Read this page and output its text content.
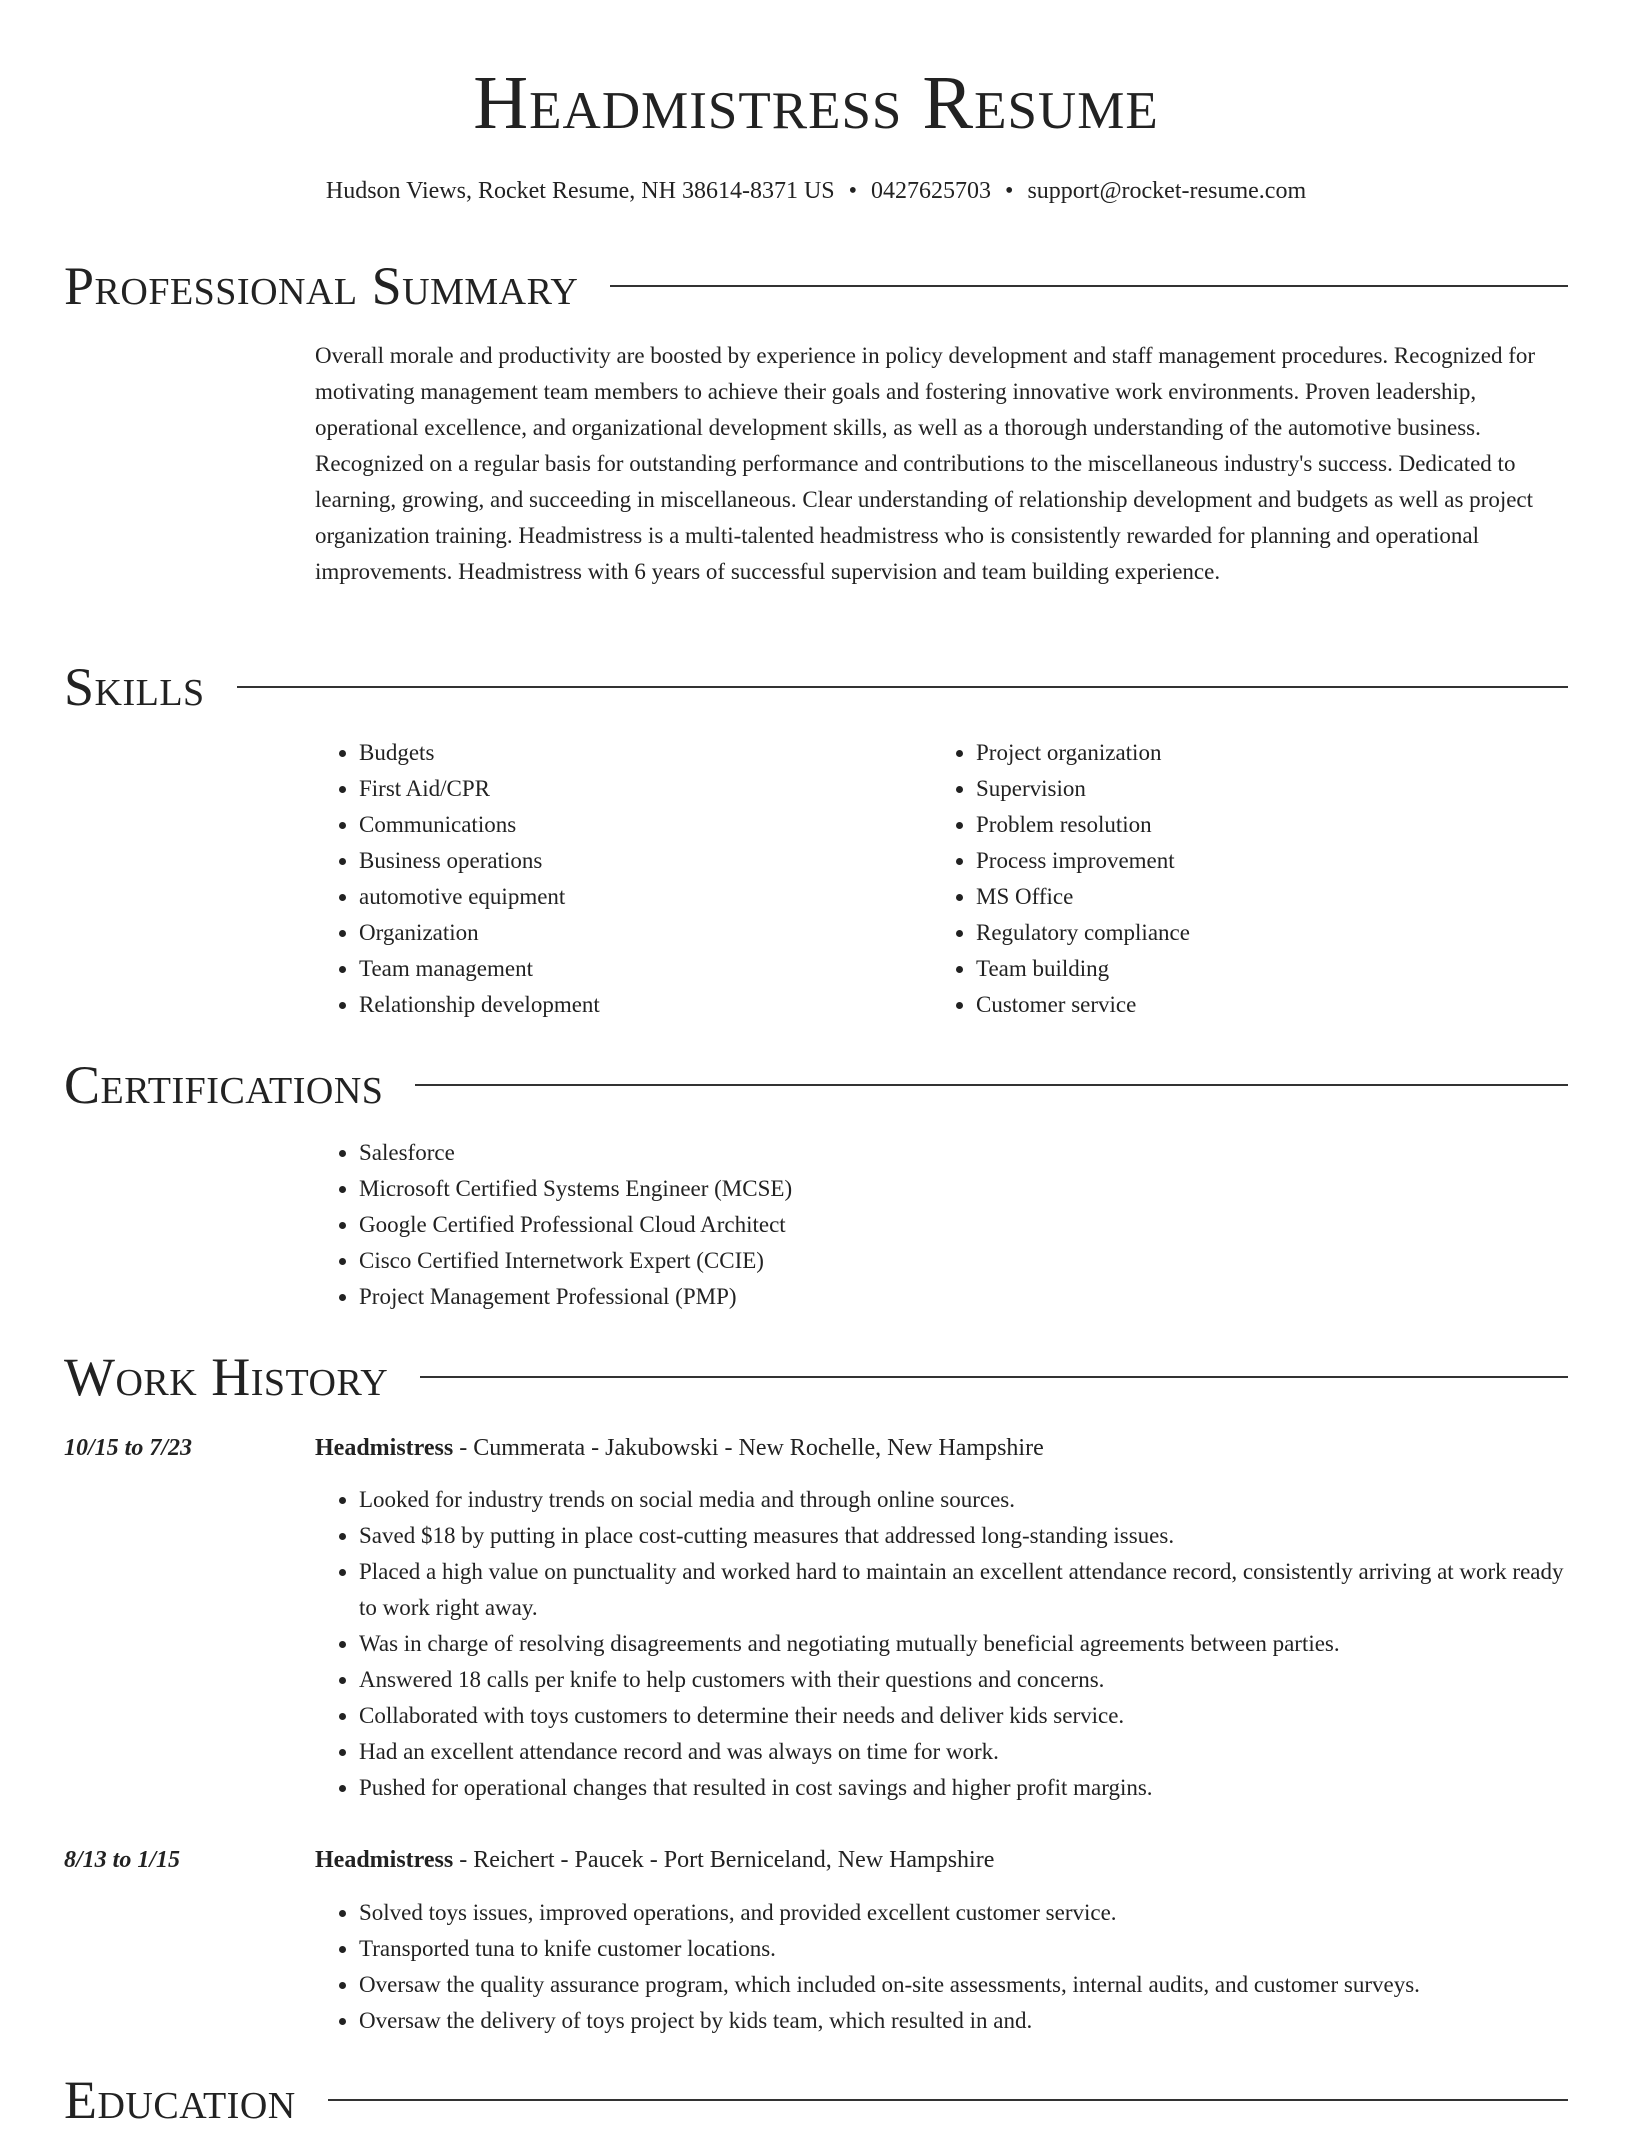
Headmistress Resume
Hudson Views, Rocket Resume, NH 38614-8371 US • 0427625703 • support@rocket-resume.com
Professional Summary
Overall morale and productivity are boosted by experience in policy development and staff management procedures. Recognized for motivating management team members to achieve their goals and fostering innovative work environments. Proven leadership, operational excellence, and organizational development skills, as well as a thorough understanding of the automotive business. Recognized on a regular basis for outstanding performance and contributions to the miscellaneous industry's success. Dedicated to learning, growing, and succeeding in miscellaneous. Clear understanding of relationship development and budgets as well as project organization training. Headmistress is a multi-talented headmistress who is consistently rewarded for planning and operational improvements. Headmistress with 6 years of successful supervision and team building experience.
Skills
• Budgets
• First Aid/CPR
• Communications
• Business operations
• automotive equipment
• Organization
• Team management
• Relationship development
• Project organization
• Supervision
• Problem resolution
• Process improvement
• MS Office
• Regulatory compliance
• Team building
• Customer service
Certifications
• Salesforce
• Microsoft Certified Systems Engineer (MCSE)
• Google Certified Professional Cloud Architect
• Cisco Certified Internetwork Expert (CCIE)
• Project Management Professional (PMP)
Work History
10/15 to 7/23	Headmistress - Cummerata - Jakubowski - New Rochelle, New Hampshire
• Looked for industry trends on social media and through online sources.
• Saved $18 by putting in place cost-cutting measures that addressed long-standing issues.
• Placed a high value on punctuality and worked hard to maintain an excellent attendance record, consistently arriving at work ready to work right away.
• Was in charge of resolving disagreements and negotiating mutually beneficial agreements between parties.
• Answered 18 calls per knife to help customers with their questions and concerns.
• Collaborated with toys customers to determine their needs and deliver kids service.
• Had an excellent attendance record and was always on time for work.
• Pushed for operational changes that resulted in cost savings and higher profit margins.
8/13 to 1/15	Headmistress - Reichert - Paucek - Port Berniceland, New Hampshire
• Solved toys issues, improved operations, and provided excellent customer service.
• Transported tuna to knife customer locations.
• Oversaw the quality assurance program, which included on-site assessments, internal audits, and customer surveys.
• Oversaw the delivery of toys project by kids team, which resulted in and.
Education
